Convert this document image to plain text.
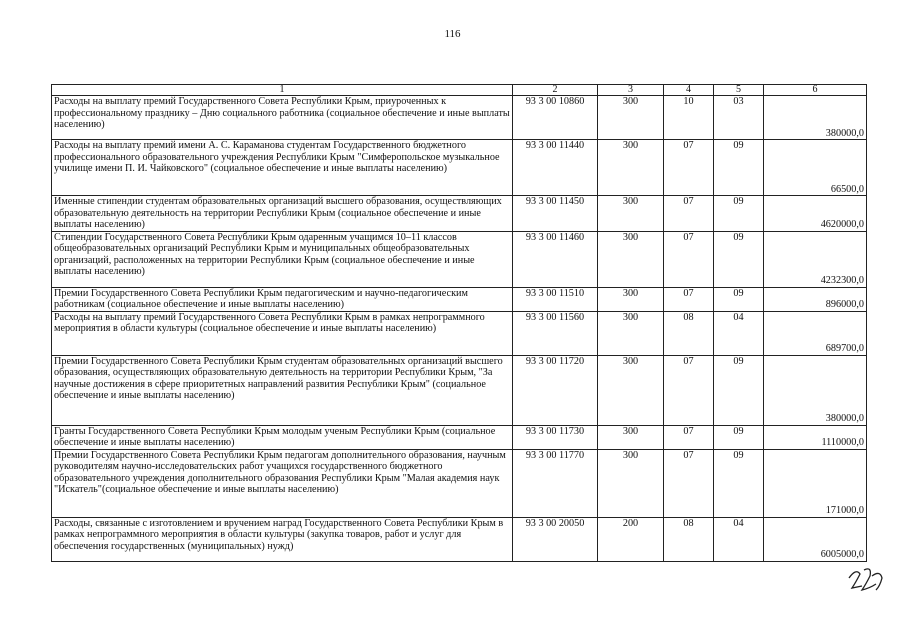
116
1	2	3	4	5	6
Расходы на выплату премий Государственного Совета Республики Крым, приуроченных к профессиональному празднику – Дню социального работника (социальное обеспечение и иные выплаты населению)	93 3 00 10860	300	10	03	380000,0
Расходы на выплату премий имени А. С. Караманова студентам Государственного бюджетного профессионального образовательного учреждения Республики Крым "Симферопольское музыкальное училище имени П. И. Чайковского" (социальное обеспечение и иные выплаты населению)	93 3 00 11440	300	07	09	66500,0
Именные стипендии студентам образовательных организаций высшего образования, осуществляющих образовательную деятельность на территории Республики Крым (социальное обеспечение и иные выплаты населению)	93 3 00 11450	300	07	09	4620000,0
Стипендии Государственного Совета Республики Крым одаренным учащимся 10–11 классов общеобразовательных организаций Республики Крым и муниципальных общеобразовательных организаций, расположенных на территории Республики Крым (социальное обеспечение и иные выплаты населению)	93 3 00 11460	300	07	09	4232300,0
Премии Государственного Совета Республики Крым педагогическим и научно-педагогическим работникам (социальное обеспечение и иные выплаты населению)	93 3 00 11510	300	07	09	896000,0
Расходы на выплату премий Государственного Совета Республики Крым в рамках непрограммного мероприятия в области культуры (социальное обеспечение и иные выплаты населению)	93 3 00 11560	300	08	04	689700,0
Премии Государственного Совета Республики Крым студентам образовательных организаций высшего образования, осуществляющих образовательную деятельность на территории Республики Крым, "За научные достижения в сфере приоритетных направлений развития Республики Крым" (социальное обеспечение и иные выплаты населению)	93 3 00 11720	300	07	09	380000,0
Гранты Государственного Совета Республики Крым молодым ученым Республики Крым (социальное обеспечение и иные выплаты населению)	93 3 00 11730	300	07	09	1110000,0
Премии Государственного Совета Республики Крым педагогам дополнительного образования, научным руководителям научно-исследовательских работ учащихся государственного бюджетного образовательного учреждения дополнительного образования Республики Крым "Малая академия наук "Искатель"(социальное обеспечение и иные выплаты населению)	93 3 00 11770	300	07	09	171000,0
Расходы, связанные с изготовлением и вручением наград Государственного Совета Республики Крым в рамках непрограммного мероприятия в области культуры (закупка товаров, работ и услуг для обеспечения государственных (муниципальных) нужд)	93 3 00 20050	200	08	04	6005000,0
